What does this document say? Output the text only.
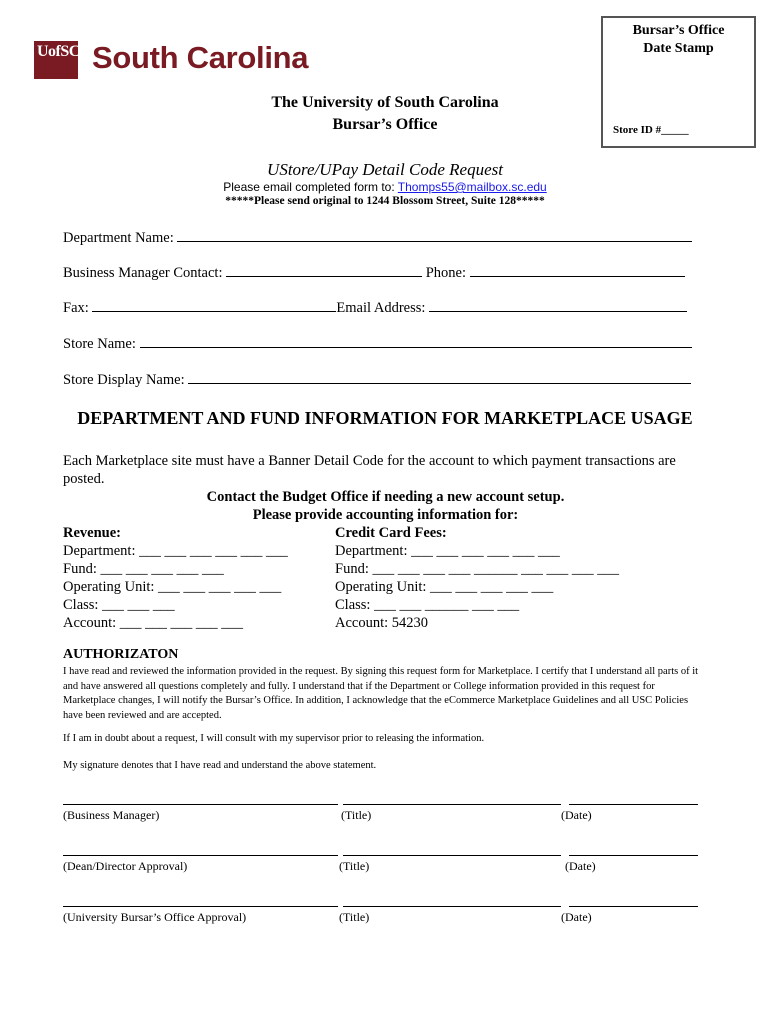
UofSC South Carolina
Bursar’s Office Date Stamp
Store ID #_____
The University of South Carolina
Bursar’s Office
UStore/UPay Detail Code Request
Please email completed form to: Thomps55@mailbox.sc.edu
*****Please send original to 1244 Blossom Street, Suite 128*****
Department Name:
Business Manager Contact:	Phone:
Fax:	Email Address:
Store Name:
Store Display Name:
DEPARTMENT AND FUND INFORMATION FOR MARKETPLACE USAGE
Each Marketplace site must have a Banner Detail Code for the account to which payment transactions are posted.
Contact the Budget Office if needing a new account setup.
Please provide accounting information for:
Revenue:
Department: ___ ___ ___ ___ ___ ___
Fund: ___ ___ ___ ___ ___
Operating Unit: ___ ___ ___ ___ ___
Class: ___ ___ ___
Account: ___ ___ ___ ___ ___
Credit Card Fees:
Department: ___ ___ ___ ___ ___ ___
Fund: ___ ___ ___ ___ ______ ___ ___ ___ ___
Operating Unit: ___ ___ ___ ___ ___
Class: ___ ___ ______ ___ ___
Account: 54230
AUTHORIZATON
I have read and reviewed the information provided in the request. By signing this request form for Marketplace. I certify that I understand all parts of it and have answered all questions completely and fully. I understand that if the Department or College information provided in this request for Marketplace changes, I will notify the Bursar’s Office. In addition, I acknowledge that the eCommerce Marketplace Guidelines and all USC Policies have been reviewed and are accepted.
If I am in doubt about a request, I will consult with my supervisor prior to releasing the information.
My signature denotes that I have read and understand the above statement.
(Business Manager)	(Title)	(Date)
(Dean/Director Approval)	(Title)	(Date)
(University Bursar’s Office Approval)	(Title)	(Date)
